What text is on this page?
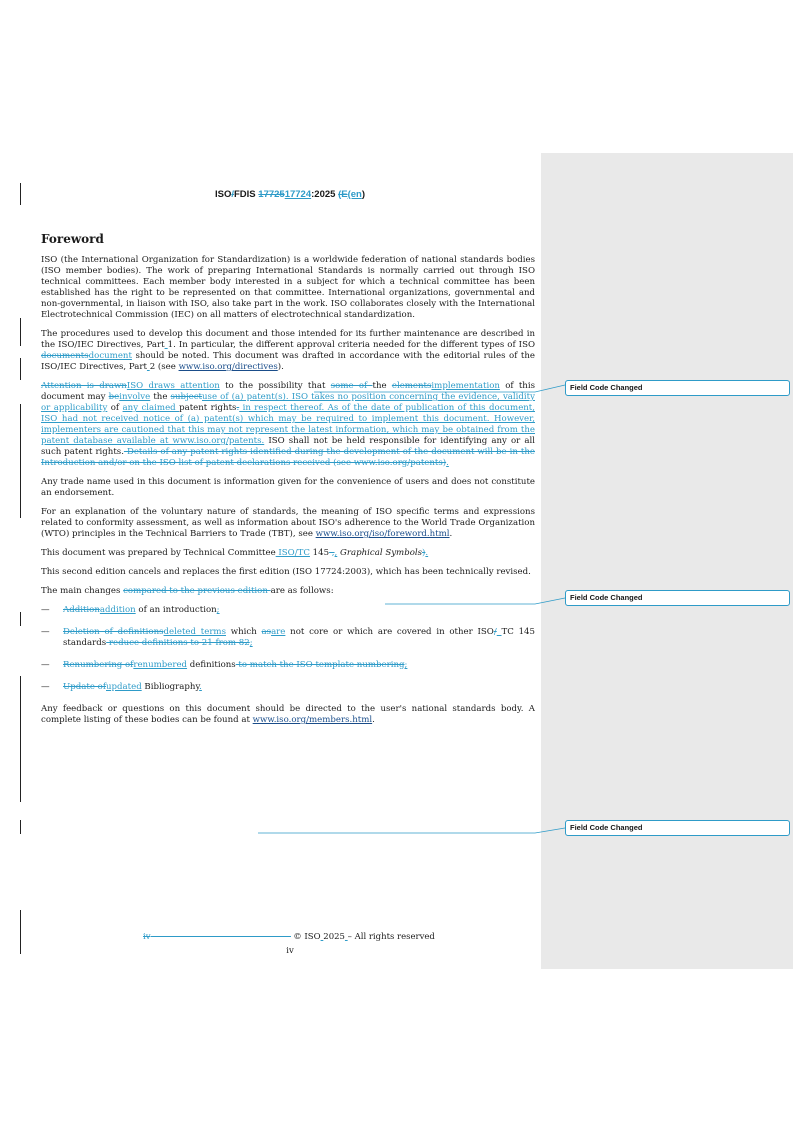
ISO/FDIS 1772517724:2025 (E(en)
Foreword

ISO (the International Organization for Standardization) is a worldwide federation of national standards bodies (ISO member bodies). The work of preparing International Standards is normally carried out through ISO technical committees. Each member body interested in a subject for which a technical committee has been established has the right to be represented on that committee. International organizations, governmental and non-governmental, in liaison with ISO, also take part in the work. ISO collaborates closely with the International Electrotechnical Commission (IEC) on all matters of electrotechnical standardization.

The procedures used to develop this document and those intended for its further maintenance are described in the ISO/IEC Directives, Part 1. In particular, the different approval criteria needed for the different types of ISO documentsdocument should be noted. This document was drafted in accordance with the editorial rules of the ISO/IEC Directives, Part 2 (see www.iso.org/directives).

Attention is drawnISO draws attention to the possibility that some of the elementsimplementation of this document may beinvolve the subjectuse of (a) patent(s). ISO takes no position concerning the evidence, validity or applicability of any claimed patent rights. in respect thereof. As of the date of publication of this document, ISO had not received notice of (a) patent(s) which may be required to implement this document. However, implementers are cautioned that this may not represent the latest information, which may be obtained from the patent database available at www.iso.org/patents. ISO shall not be held responsible for identifying any or all such patent rights. Details of any patent rights identified during the development of the document will be in the Introduction and/or on the ISO list of patent declarations received (see www.iso.org/patents).

Any trade name used in this document is information given for the convenience of users and does not constitute an endorsement.

For an explanation of the voluntary nature of standards, the meaning of ISO specific terms and expressions related to conformity assessment, as well as information about ISO's adherence to the World Trade Organization (WTO) principles in the Technical Barriers to Trade (TBT), see www.iso.org/iso/foreword.html.

This document was prepared by Technical Committee ISO/TC 145 ,, Graphical Symbols).

This second edition cancels and replaces the first edition (ISO 17724:2003), which has been technically revised.

The main changes compared to the previous edition are as follows:

—	Additionaddition of an introduction;
—	Deletion of definitionsdeleted terms which asare not core or which are covered in other ISO/ TC 145 standards reduce definitions to 21 from 82;
—	Renumbering ofrenumbered definitions to match the ISO template numbering;
—	Update ofupdated Bibliography.

Any feedback or questions on this document should be directed to the user's national standards body. A complete listing of these bodies can be found at www.iso.org/members.html.

Field Code Changed
Field Code Changed
Field Code Changed
iv	© ISO 2025 – All rights reserved
iv
